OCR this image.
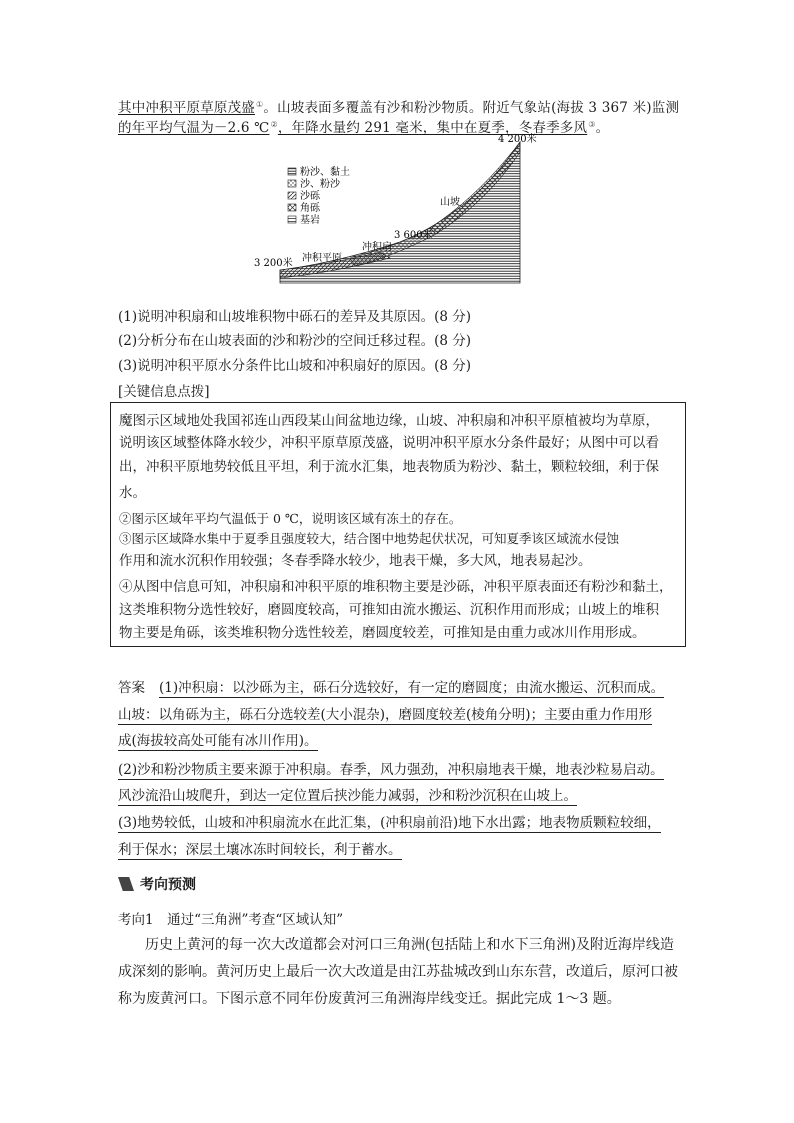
其中冲积平原草原茂盛①。山坡表面多覆盖有沙和粉沙物质。附近气象站(海拔 3 367 米)监测
的年平均气温为－2.6 ℃②，年降水量约 291 毫米，集中在夏季，冬春季多风③。
粉沙、黏土
沙、粉沙
沙砾
角砾
基岩
4 200米
山坡
3 600米
冲积扇
3 200米 冲积平原
(1)说明冲积扇和山坡堆积物中砾石的差异及其原因。(8 分)
(2)分析分布在山坡表面的沙和粉沙的空间迁移过程。(8 分)
(3)说明冲积平原水分条件比山坡和冲积扇好的原因。(8 分)
[关键信息点拨]
魔图示区域地处我国祁连山西段某山间盆地边缘，山坡、冲积扇和冲积平原植被均为草原，
说明该区域整体降水较少，冲积平原草原茂盛，说明冲积平原水分条件最好；从图中可以看
出，冲积平原地势较低且平坦，利于流水汇集，地表物质为粉沙、黏土，颗粒较细，利于保
水。
②图示区域年平均气温低于 0 ℃，说明该区域有冻土的存在。
③图示区域降水集中于夏季且强度较大，结合图中地势起伏状况，可知夏季该区域流水侵蚀
作用和流水沉积作用较强；冬春季降水较少，地表干燥，多大风，地表易起沙。
④从图中信息可知，冲积扇和冲积平原的堆积物主要是沙砾，冲积平原表面还有粉沙和黏土，
这类堆积物分选性较好，磨圆度较高，可推知由流水搬运、沉积作用而形成；山坡上的堆积
物主要是角砾，该类堆积物分选性较差，磨圆度较差，可推知是由重力或冰川作用形成。
答案 (1)冲积扇：以沙砾为主，砾石分选较好，有一定的磨圆度；由流水搬运、沉积而成。
山坡：以角砾为主，砾石分选较差(大小混杂)，磨圆度较差(棱角分明)；主要由重力作用形
成(海拔较高处可能有冰川作用)。
(2)沙和粉沙物质主要来源于冲积扇。春季，风力强劲，冲积扇地表干燥，地表沙粒易启动。
风沙流沿山坡爬升，到达一定位置后挟沙能力减弱，沙和粉沙沉积在山坡上。
(3)地势较低，山坡和冲积扇流水在此汇集，(冲积扇前沿)地下水出露；地表物质颗粒较细，
利于保水；深层土壤冰冻时间较长，利于蓄水。
考向预测
考向1　通过“三角洲”考查“区域认知”
历史上黄河的每一次大改道都会对河口三角洲(包括陆上和水下三角洲)及附近海岸线造
成深刻的影响。黄河历史上最后一次大改道是由江苏盐城改到山东东营，改道后，原河口被
称为废黄河口。下图示意不同年份废黄河三角洲海岸线变迁。据此完成 1～3 题。
